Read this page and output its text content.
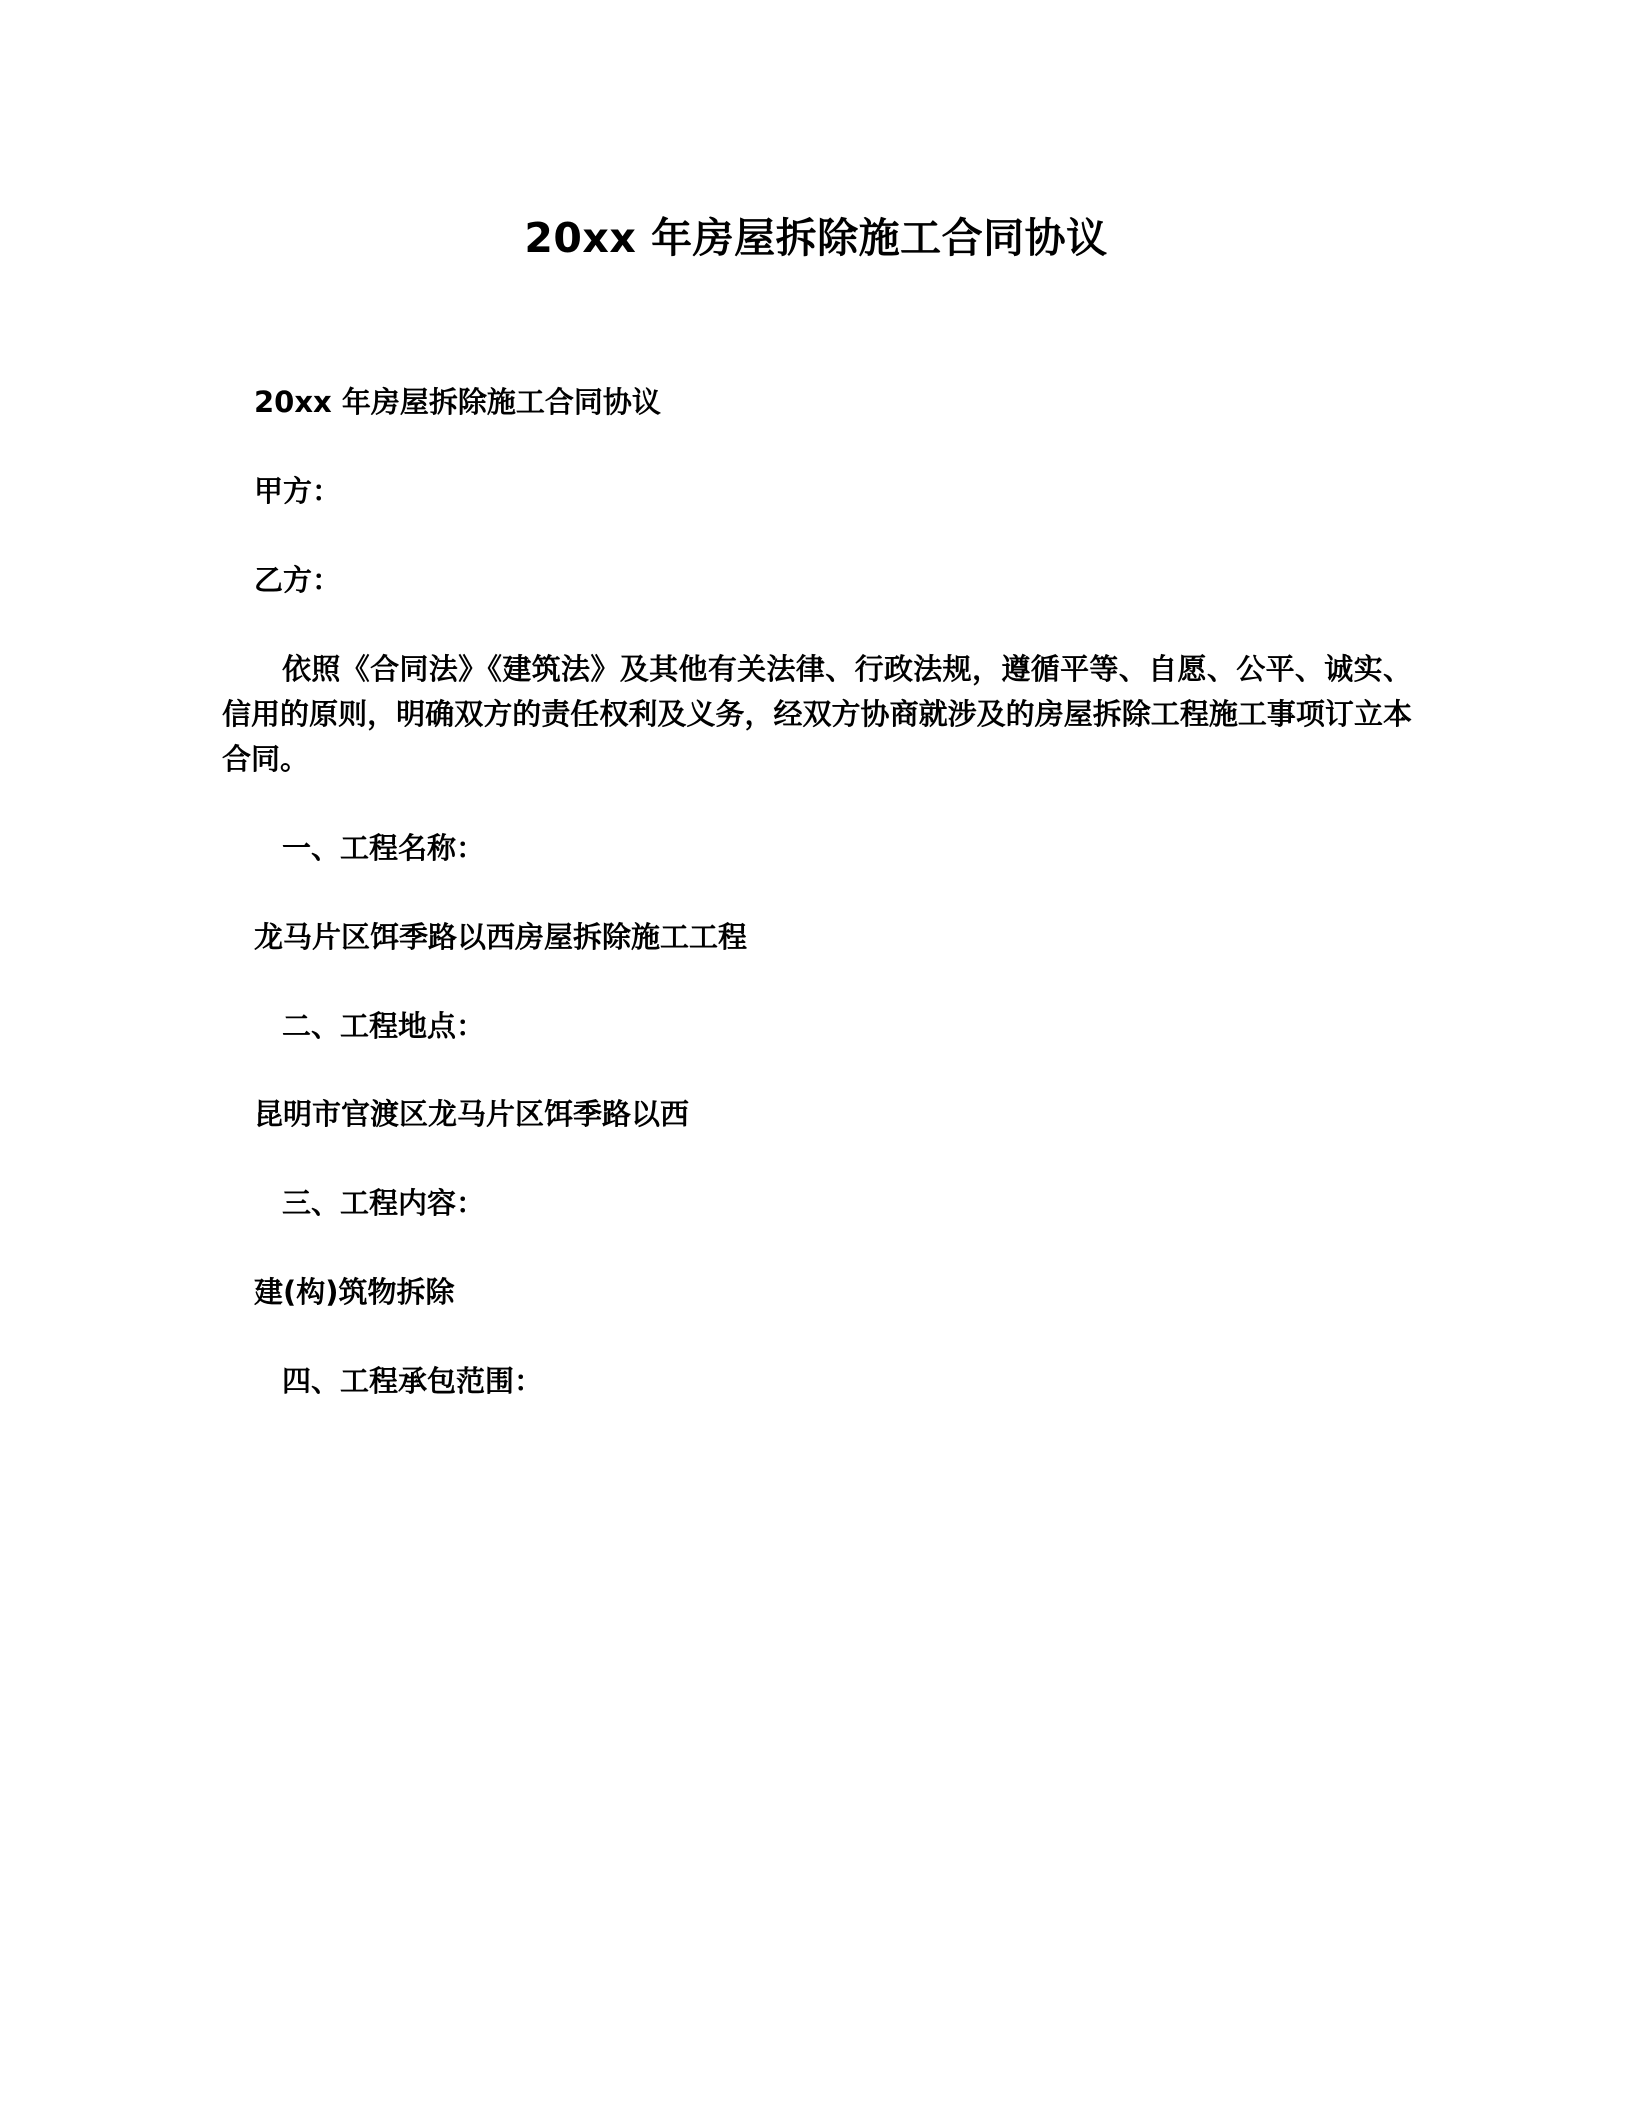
20xx 年房屋拆除施工合同协议

20xx 年房屋拆除施工合同协议

甲方：

乙方：

依照《合同法》《建筑法》及其他有关法律、行政法规，遵循平等、自愿、公平、诚实、信用的原则，明确双方的责任权利及义务，经双方协商就涉及的房屋拆除工程施工事项订立本合同。

一、工程名称：

龙马片区饵季路以西房屋拆除施工工程

二、工程地点：

昆明市官渡区龙马片区饵季路以西

三、工程内容：

建(构)筑物拆除

四、工程承包范围：
